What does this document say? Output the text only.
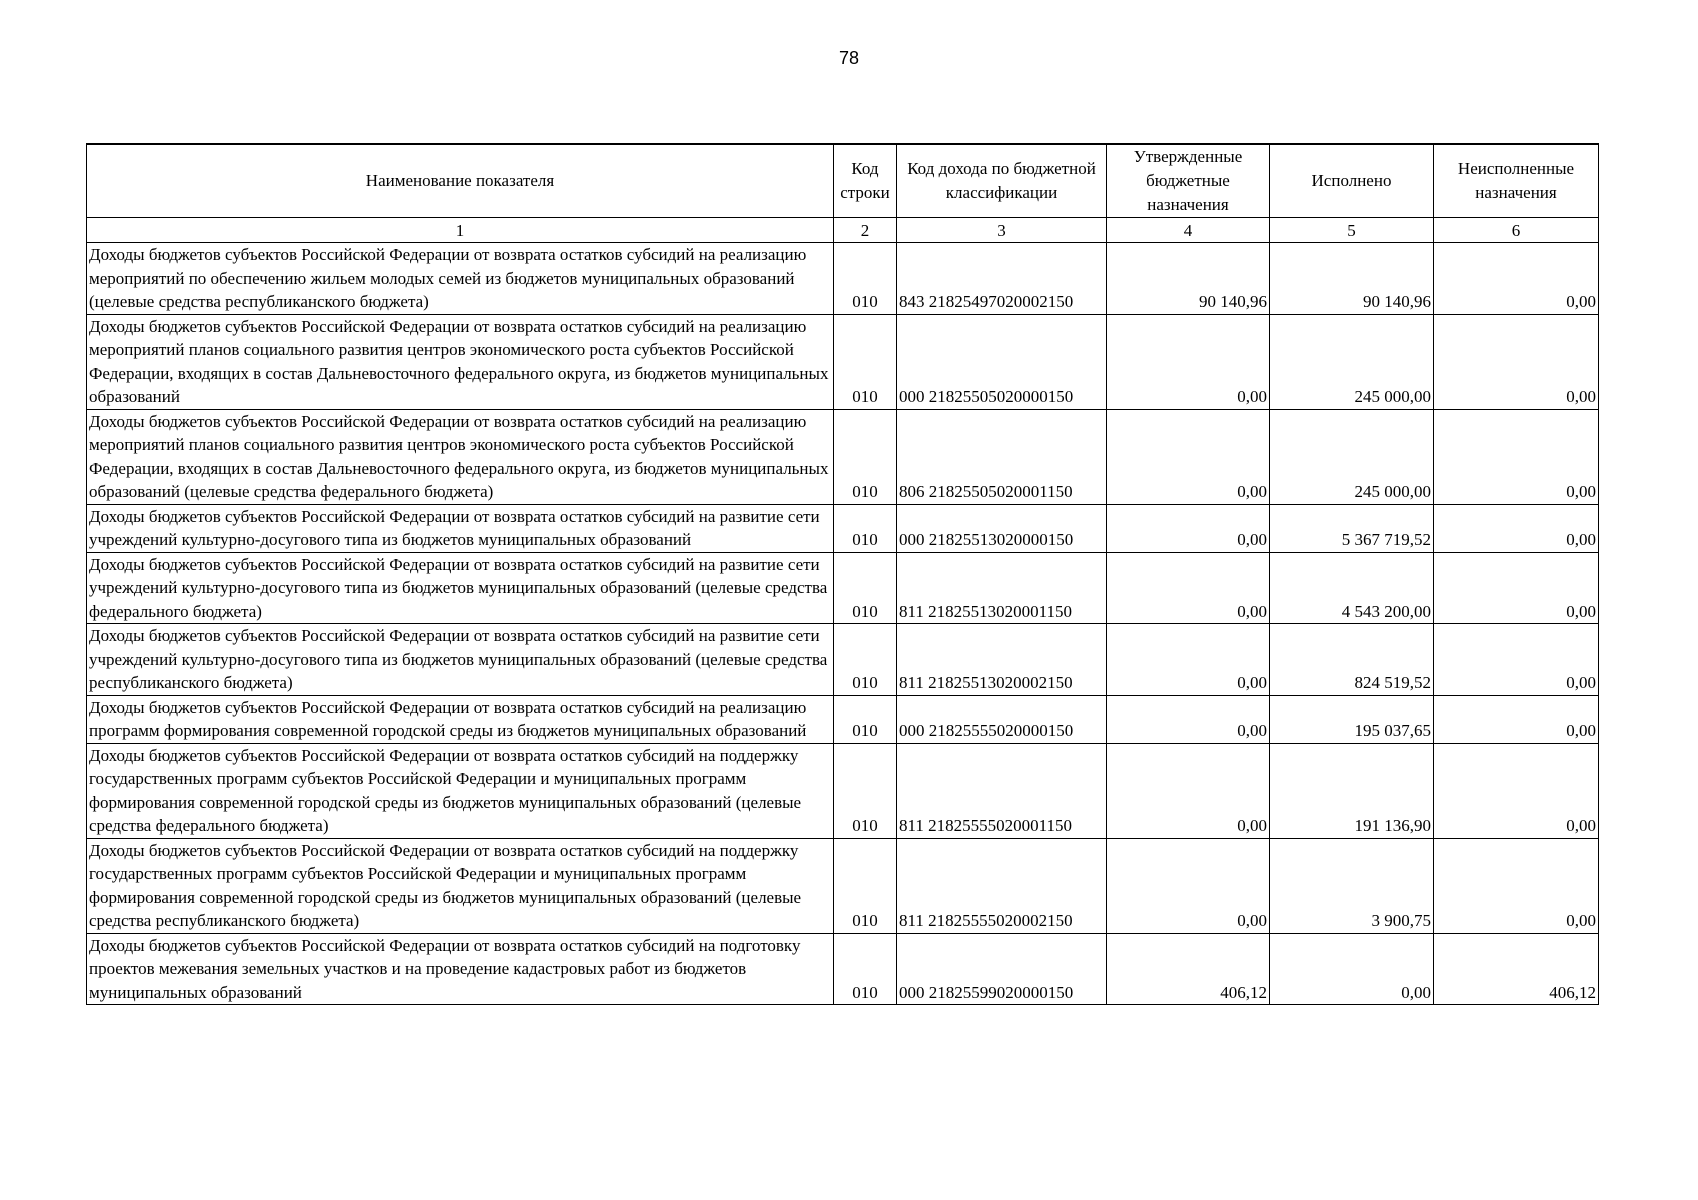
78
Наименование показателя	Код строки	Код дохода по бюджетной классификации	Утвержденные бюджетные назначения	Исполнено	Неисполненные назначения
1	2	3	4	5	6
Доходы бюджетов субъектов Российской Федерации от возврата остатков субсидий на реализацию мероприятий по обеспечению жильем молодых семей из бюджетов муниципальных образований (целевые средства республиканского бюджета)	010	843 21825497020002150	90 140,96	90 140,96	0,00
Доходы бюджетов субъектов Российской Федерации от возврата остатков субсидий на реализацию мероприятий планов социального развития центров экономического роста субъектов Российской Федерации, входящих в состав Дальневосточного федерального округа, из бюджетов муниципальных образований	010	000 21825505020000150	0,00	245 000,00	0,00
Доходы бюджетов субъектов Российской Федерации от возврата остатков субсидий на реализацию мероприятий планов социального развития центров экономического роста субъектов Российской Федерации, входящих в состав Дальневосточного федерального округа, из бюджетов муниципальных образований (целевые средства федерального бюджета)	010	806 21825505020001150	0,00	245 000,00	0,00
Доходы бюджетов субъектов Российской Федерации от возврата остатков субсидий на развитие сети учреждений культурно-досугового типа из бюджетов муниципальных образований	010	000 21825513020000150	0,00	5 367 719,52	0,00
Доходы бюджетов субъектов Российской Федерации от возврата остатков субсидий на развитие сети учреждений культурно-досугового типа из бюджетов муниципальных образований (целевые средства федерального бюджета)	010	811 21825513020001150	0,00	4 543 200,00	0,00
Доходы бюджетов субъектов Российской Федерации от возврата остатков субсидий на развитие сети учреждений культурно-досугового типа из бюджетов муниципальных образований (целевые средства республиканского бюджета)	010	811 21825513020002150	0,00	824 519,52	0,00
Доходы бюджетов субъектов Российской Федерации от возврата остатков субсидий на реализацию программ формирования современной городской среды из бюджетов муниципальных образований	010	000 21825555020000150	0,00	195 037,65	0,00
Доходы бюджетов субъектов Российской Федерации от возврата остатков субсидий на поддержку государственных программ субъектов Российской Федерации и муниципальных программ формирования современной городской среды из бюджетов муниципальных образований (целевые средства федерального бюджета)	010	811 21825555020001150	0,00	191 136,90	0,00
Доходы бюджетов субъектов Российской Федерации от возврата остатков субсидий на поддержку государственных программ субъектов Российской Федерации и муниципальных программ формирования современной городской среды из бюджетов муниципальных образований (целевые средства республиканского бюджета)	010	811 21825555020002150	0,00	3 900,75	0,00
Доходы бюджетов субъектов Российской Федерации от возврата остатков субсидий на подготовку проектов межевания земельных участков и на проведение кадастровых работ из бюджетов муниципальных образований	010	000 21825599020000150	406,12	0,00	406,12
